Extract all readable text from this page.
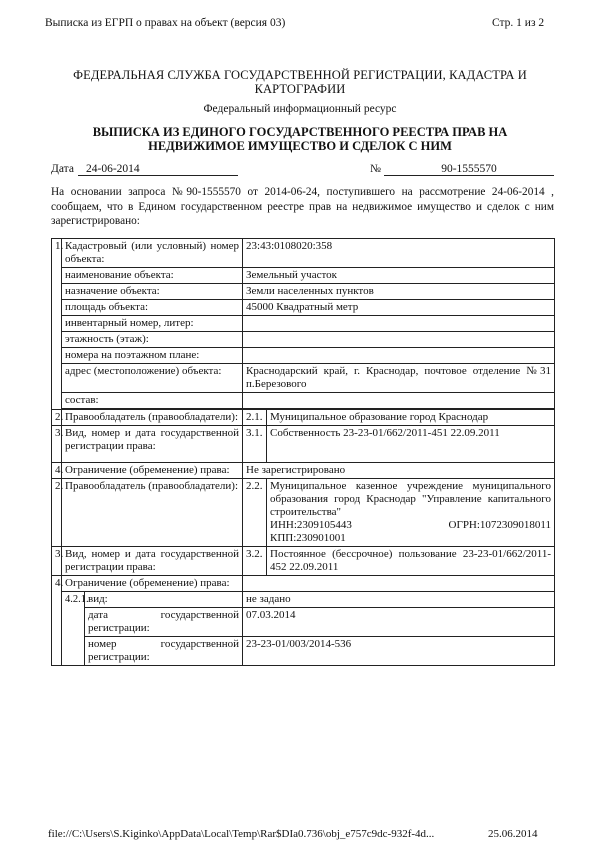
Выписка из ЕГРП о правах на объект (версия 03)	Стр. 1 из 2
ФЕДЕРАЛЬНАЯ СЛУЖБА ГОСУДАРСТВЕННОЙ РЕГИСТРАЦИИ, КАДАСТРА И
КАРТОГРАФИИ
Федеральный информационный ресурс
ВЫПИСКА ИЗ ЕДИНОГО ГОСУДАРСТВЕННОГО РЕЕСТРА ПРАВ НА
НЕДВИЖИМОЕ ИМУЩЕСТВО И СДЕЛОК С НИМ
Дата	24-06-2014	№	90-1555570
На основании запроса №90-1555570 от 2014-06-24, поступившего на рассмотрение 24-06-2014 , сообщаем, что в Едином государственном реестре прав на недвижимое имущество и сделок с ним зарегистрировано:
1.	Кадастровый (или условный) номер объекта:		23:43:0108020:358	
	наименование объекта:		Земельный участок	
	назначение объекта:		Земли населенных пунктов	
	площадь объекта:		45000 Квадратный метр	
	инвентарный номер, литер:			
	этажность (этаж):			
	номера на поэтажном плане:			
	адрес (местоположение) объекта:		Краснодарский край, г. Краснодар, почтовое отделение №31 п.Березового	
	состав:			

2.	Правообладатель (правообладатели):		2.1.	Муниципальное образование город Краснодар
3.	Вид, номер и дата государственной регистрации права:		3.1.	Собственность 23-23-01/662/2011-451 22.09.2011
4.	Ограничение (обременение) права:		Не зарегистрировано	
2.	Правообладатель (правообладатели):		2.2.	Муниципальное казенное учреждение муниципального образования город Краснодар "Управление капитального строительства"
ИНН:2309105443 ОГРН:1072309018011
КПП:230901001

3.	Вид, номер и дата государственной регистрации права:		3.2.	Постоянное (бессрочное) пользование 23-23-01/662/2011-452 22.09.2011
4.	Ограничение (обременение) права:			
	4.2.1.	вид:	не задано	
		дата государственной регистрации:	07.03.2014	
		номер государственной регистрации:	23-23-01/003/2014-536	
file://C:\Users\S.Kiginko\AppData\Local\Temp\Rar$DIa0.736\obj_e757c9dc-932f-4d...	25.06.2014
